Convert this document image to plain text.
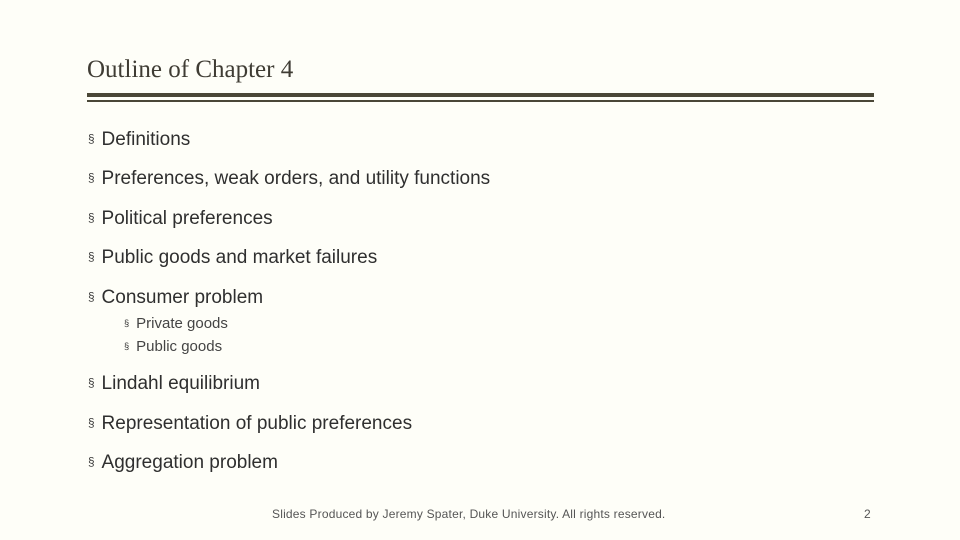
Outline of Chapter 4
§ Definitions
§ Preferences, weak orders, and utility functions
§ Political preferences
§ Public goods and market failures
§ Consumer problem
§ Private goods
§ Public goods
§ Lindahl equilibrium
§ Representation of public preferences
§ Aggregation problem
Slides Produced by Jeremy Spater, Duke University. All rights reserved.	2
